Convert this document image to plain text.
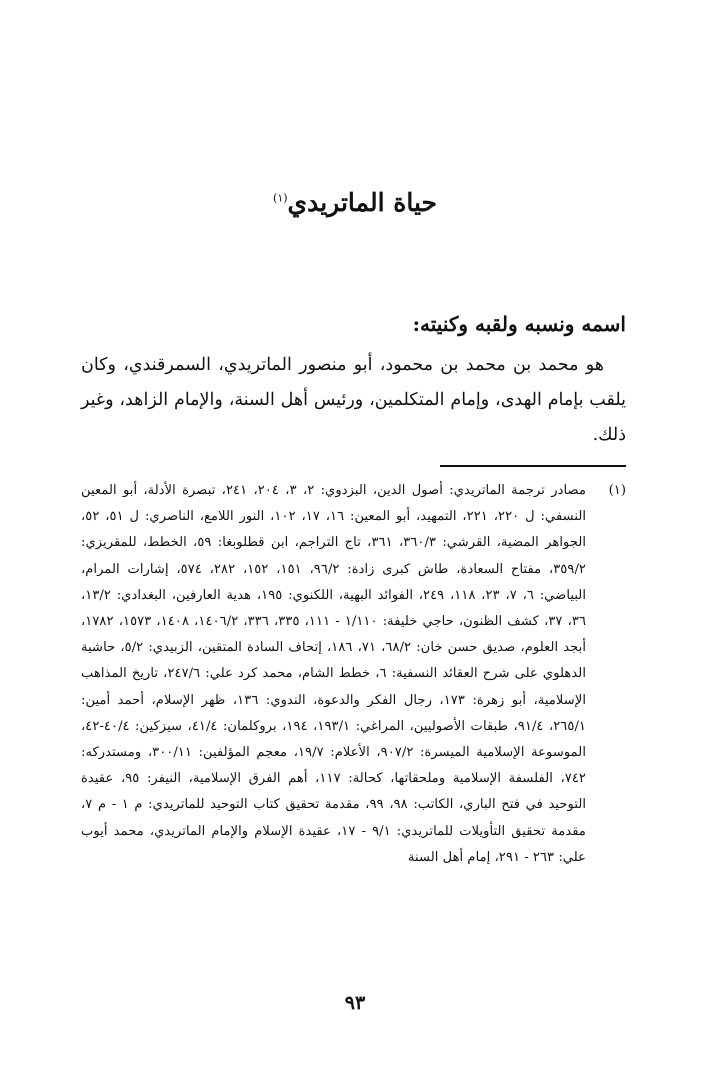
حياة الماتريدي$^{(١)}$
اسمه ونسبه ولقبه وكنيته:

هو محمد بن محمد بن محمود، أبو منصور الماتريدي، السمرقندي، وكان يلقب بإمام الهدى، وإمام المتكلمين، ورئيس أهل السنة، والإمام الزاهد، وغير ذلك.

(١)

مصادر ترجمة الماتريدي: أصول الدين، البزدوي: ٢، ٣، ٢٠٤، ٢٤١، تبصرة الأدلة، أبو المعين النسفي: ل ٢٢٠، ٢٢١، التمهيد، أبو المعين: ١٦، ١٧، ١٠٢، النور اللامع، الناصري: ل ٥١، ٥٢، الجواهر المضية، القرشي: ٣٦٠/٣، ٣٦١، تاج التراجم، ابن قطلوبغا: ٥٩، الخطط، للمقريزي: ٣٥٩/٢، مفتاح السعادة، طاش كبرى زادة: ٩٦/٢، ١٥١، ١٥٢، ٢٨٢، ٥٧٤، إشارات المرام، البياضي: ٦، ٧، ٢٣، ١١٨، ٢٤٩، الفوائد البهية، اللكنوي: ١٩٥، هدية العارفين، البغدادي: ١٣/٢، ٣٦، ٣٧، كشف الظنون، حاجي خليفة: ١/١١٠ - ١١١، ٣٣٥، ٣٣٦، ١٤٠٦/٢، ١٤٠٨، ١٥٧٣، ١٧٨٢، أبجد العلوم، صديق حسن خان: ٦٨/٢، ٧١، ١٨٦، إتحاف السادة المتقين، الزبيدي: ٥/٢، حاشية الدهلوي على شرح العقائد النسفية: ٦، خطط الشام، محمد كرد علي: ٢٤٧/٦، تاريخ المذاهب الإسلامية، أبو زهرة: ١٧٣، رجال الفكر والدعوة، الندوي: ١٣٦، ظهر الإسلام، أحمد أمين: ٢٦٥/١، ٩١/٤، طبقات الأصوليين، المراغي: ١٩٣/١، ١٩٤، بروكلمان: ٤١/٤، سيزكين: ٤٠/٤-٤٢، الموسوعة الإسلامية الميسرة: ٩٠٧/٢، الأعلام: ١٩/٧، معجم المؤلفين: ٣٠٠/١١، ومستدركه: ٧٤٢، الفلسفة الإسلامية وملحقاتها، كحالة: ١١٧، أهم الفرق الإسلامية، النيفر: ٩٥، عقيدة التوحيد في فتح الباري، الكاتب: ٩٨، ٩٩، مقدمة تحقيق كتاب التوحيد للماتريدي: م ١ - م ٧، مقدمة تحقيق التأويلات للماتريدي: ٩/١ - ١٧، عقيدة الإسلام والإمام الماتريدي، محمد أيوب علي: ٢٦٣ - ٢٩١، إمام أهل السنة

٩٣
